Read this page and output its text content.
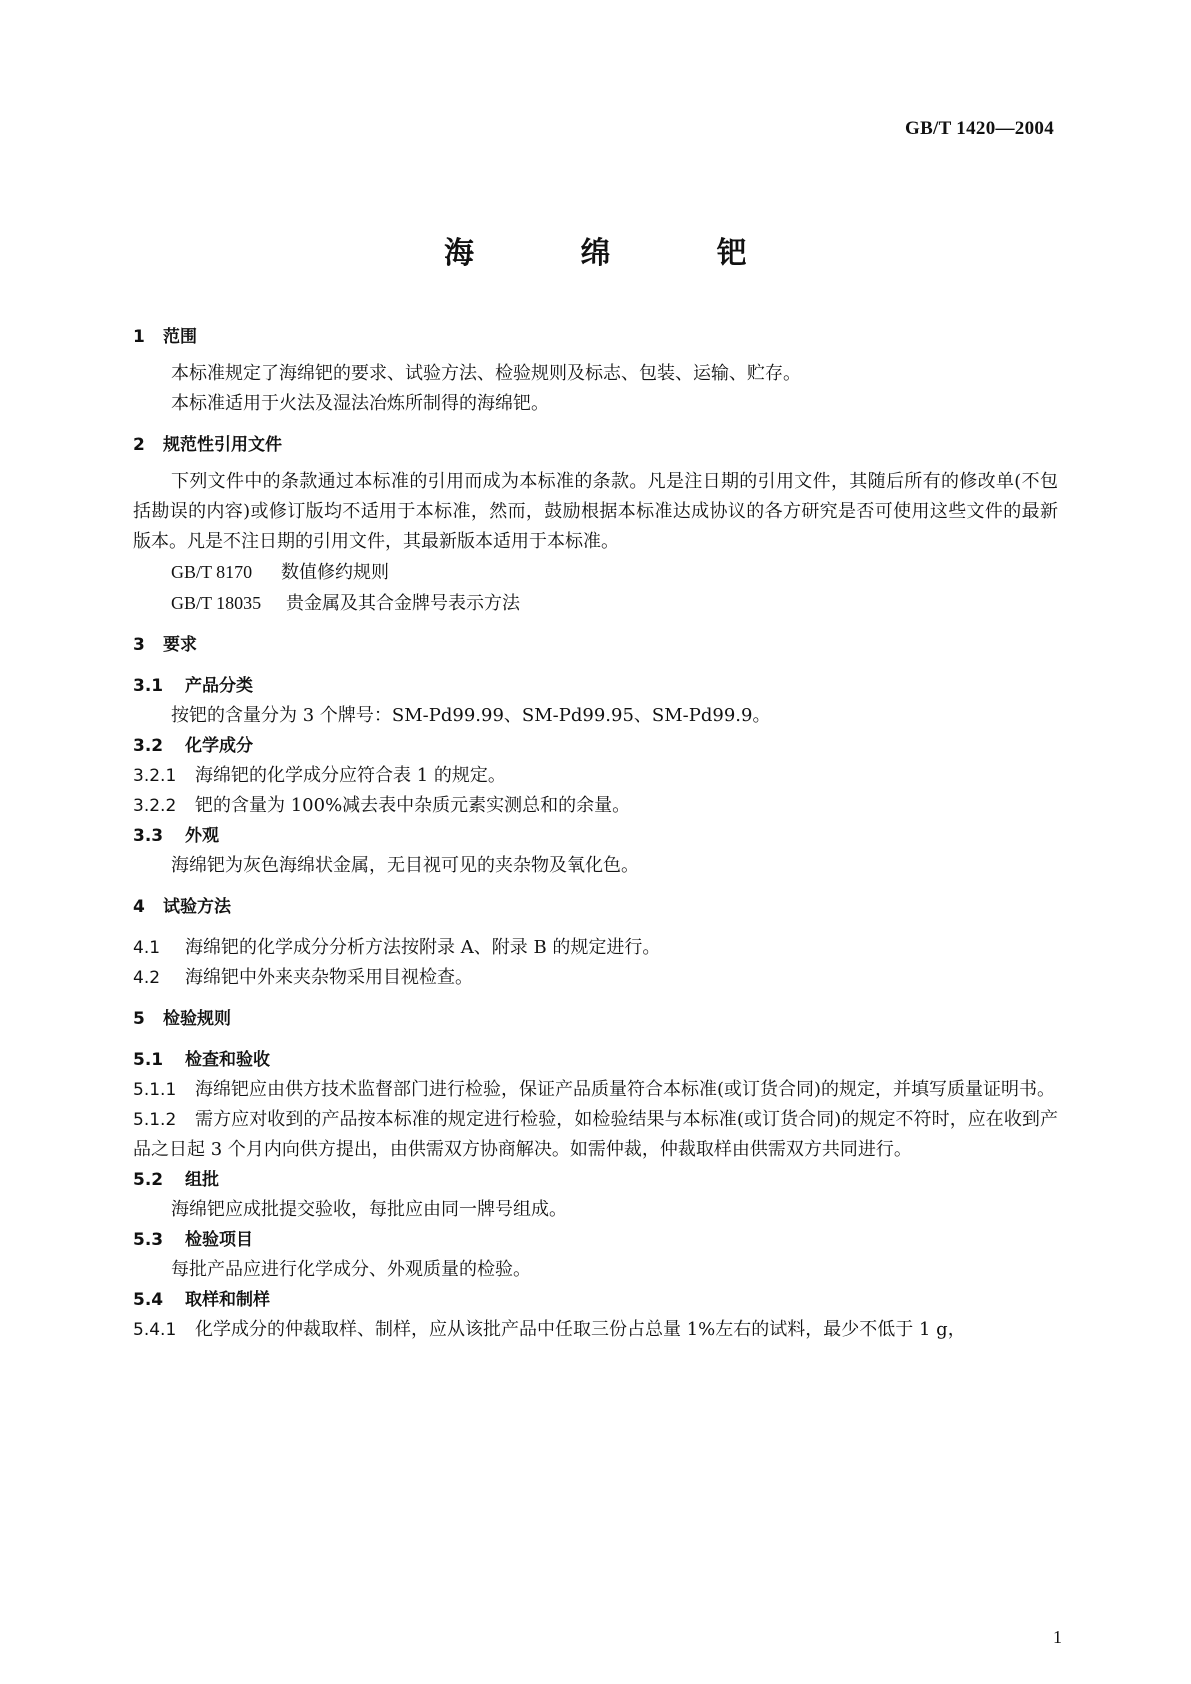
GB/T 1420—2004
海 绵 钯
1 范围

本标准规定了海绵钯的要求、试验方法、检验规则及标志、包装、运输、贮存。

本标准适用于火法及湿法冶炼所制得的海绵钯。

2 规范性引用文件

下列文件中的条款通过本标准的引用而成为本标准的条款。凡是注日期的引用文件，其随后所有的修改单(不包括勘误的内容)或修订版均不适用于本标准，然而，鼓励根据本标准达成协议的各方研究是否可使用这些文件的最新版本。凡是不注日期的引用文件，其最新版本适用于本标准。

GB/T 8170 数值修约规则

GB/T 18035 贵金属及其合金牌号表示方法

3 要求
3.1 产品分类

按钯的含量分为 3 个牌号：SM-Pd99.99、SM-Pd99.95、SM-Pd99.9。

3.2 化学成分

3.2.1 海绵钯的化学成分应符合表 1 的规定。

3.2.2 钯的含量为 100%减去表中杂质元素实测总和的余量。

3.3 外观

海绵钯为灰色海绵状金属，无目视可见的夹杂物及氧化色。

4 试验方法

4.1 海绵钯的化学成分分析方法按附录 A、附录 B 的规定进行。

4.2 海绵钯中外来夹杂物采用目视检查。

5 检验规则
5.1 检查和验收

5.1.1 海绵钯应由供方技术监督部门进行检验，保证产品质量符合本标准(或订货合同)的规定，并填写质量证明书。

5.1.2 需方应对收到的产品按本标准的规定进行检验，如检验结果与本标准(或订货合同)的规定不符时，应在收到产品之日起 3 个月内向供方提出，由供需双方协商解决。如需仲裁，仲裁取样由供需双方共同进行。

5.2 组批

海绵钯应成批提交验收，每批应由同一牌号组成。

5.3 检验项目

每批产品应进行化学成分、外观质量的检验。

5.4 取样和制样

5.4.1 化学成分的仲裁取样、制样，应从该批产品中任取三份占总量 1%左右的试料，最少不低于 1 g，

1
